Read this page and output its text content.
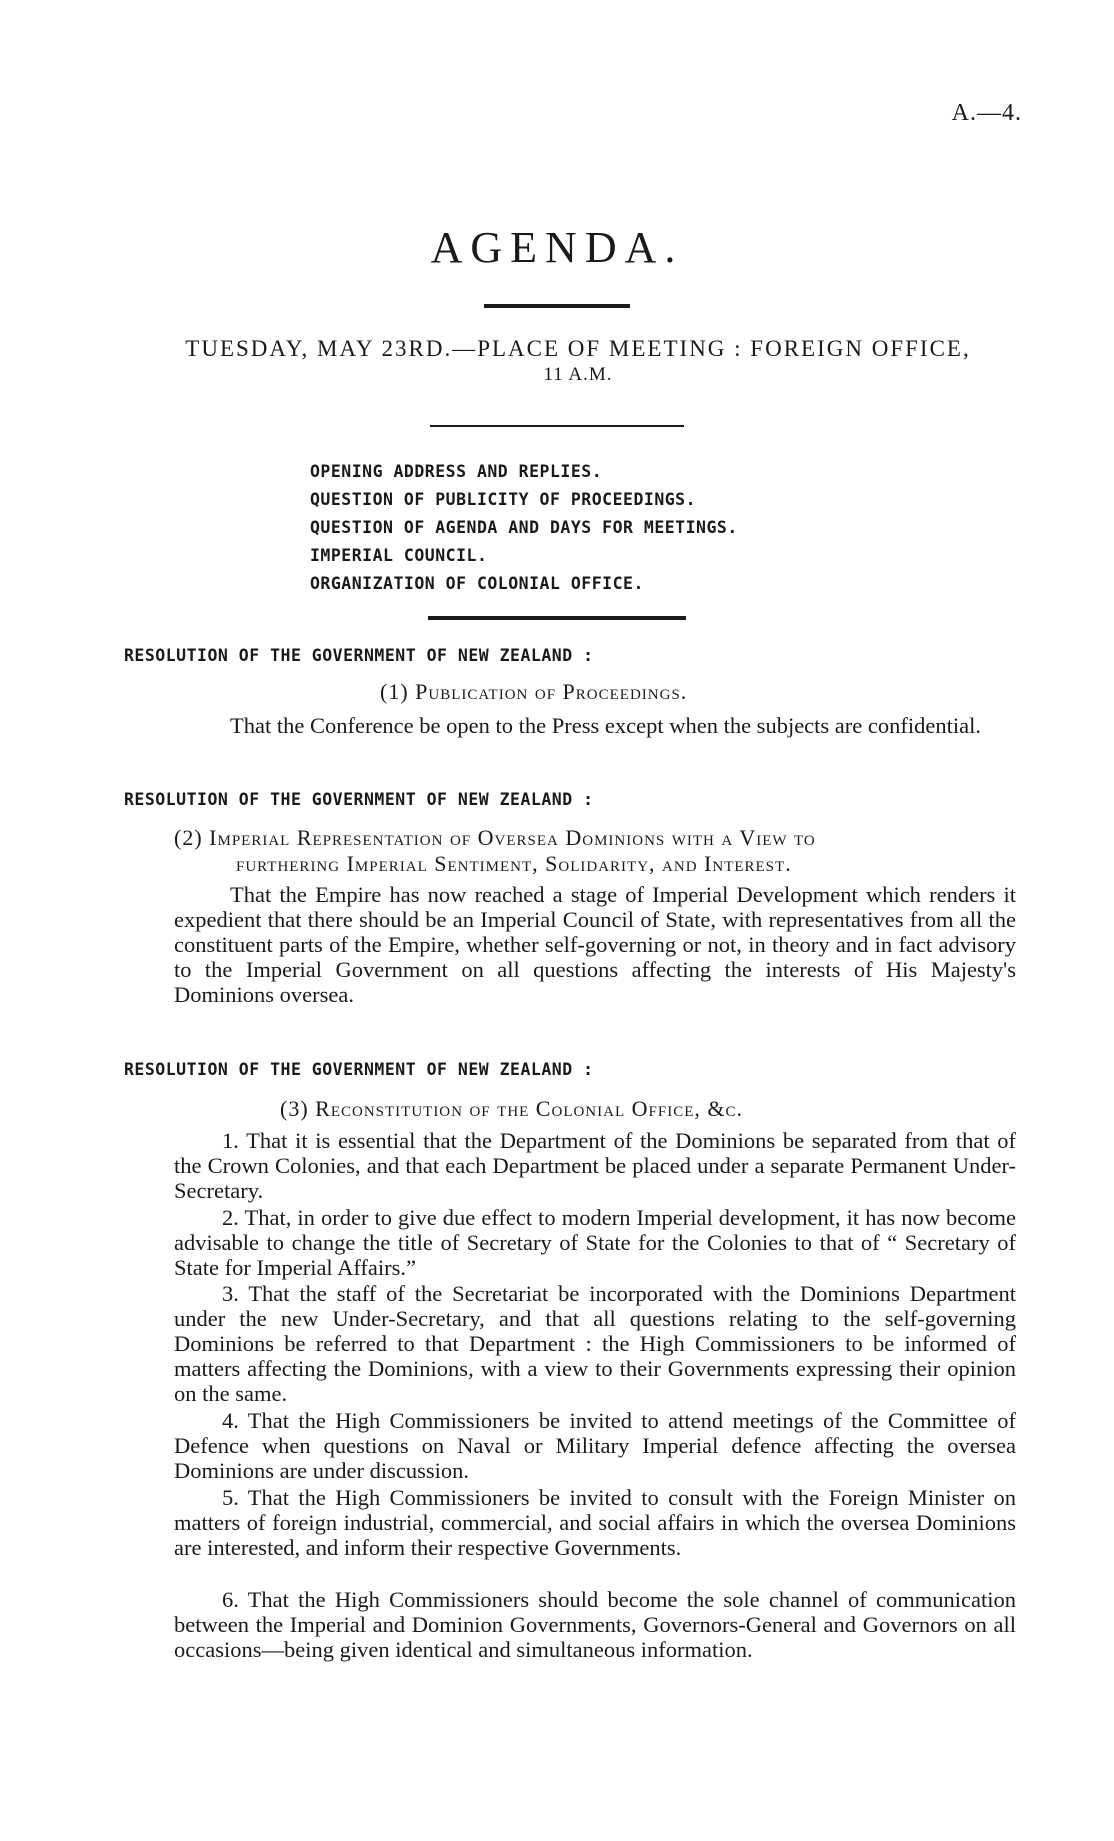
A.—4.
AGENDA.
TUESDAY, MAY 23RD.—PLACE OF MEETING : FOREIGN OFFICE,
11 A.M.
OPENING ADDRESS AND REPLIES.
QUESTION OF PUBLICITY OF PROCEEDINGS.
QUESTION OF AGENDA AND DAYS FOR MEETINGS.
IMPERIAL COUNCIL.
ORGANIZATION OF COLONIAL OFFICE.
RESOLUTION OF THE GOVERNMENT OF NEW ZEALAND :
(1) Publication of Proceedings.
That the Conference be open to the Press except when the subjects are confidential.
RESOLUTION OF THE GOVERNMENT OF NEW ZEALAND :
(2) Imperial Representation of Oversea Dominions with a View to
furthering Imperial Sentiment, Solidarity, and Interest.
That the Empire has now reached a stage of Imperial Development which renders it expedient that there should be an Imperial Council of State, with representatives from all the constituent parts of the Empire, whether self-governing or not, in theory and in fact advisory to the Imperial Government on all questions affecting the interests of His Majesty's Dominions oversea.
RESOLUTION OF THE GOVERNMENT OF NEW ZEALAND :
(3) Reconstitution of the Colonial Office, &c.
1. That it is essential that the Department of the Dominions be separated from that of the Crown Colonies, and that each Department be placed under a separate Permanent Under-Secretary.
2. That, in order to give due effect to modern Imperial development, it has now become advisable to change the title of Secretary of State for the Colonies to that of “ Secretary of State for Imperial Affairs.”
3. That the staff of the Secretariat be incorporated with the Dominions Department under the new Under-Secretary, and that all questions relating to the self-governing Dominions be referred to that Department : the High Commissioners to be informed of matters affecting the Dominions, with a view to their Governments expressing their opinion on the same.
4. That the High Commissioners be invited to attend meetings of the Committee of Defence when questions on Naval or Military Imperial defence affecting the oversea Dominions are under discussion.
5. That the High Commissioners be invited to consult with the Foreign Minister on matters of foreign industrial, commercial, and social affairs in which the oversea Dominions are interested, and inform their respective Governments.
6. That the High Commissioners should become the sole channel of communication between the Imperial and Dominion Governments, Governors-General and Governors on all occasions—being given identical and simultaneous information.
